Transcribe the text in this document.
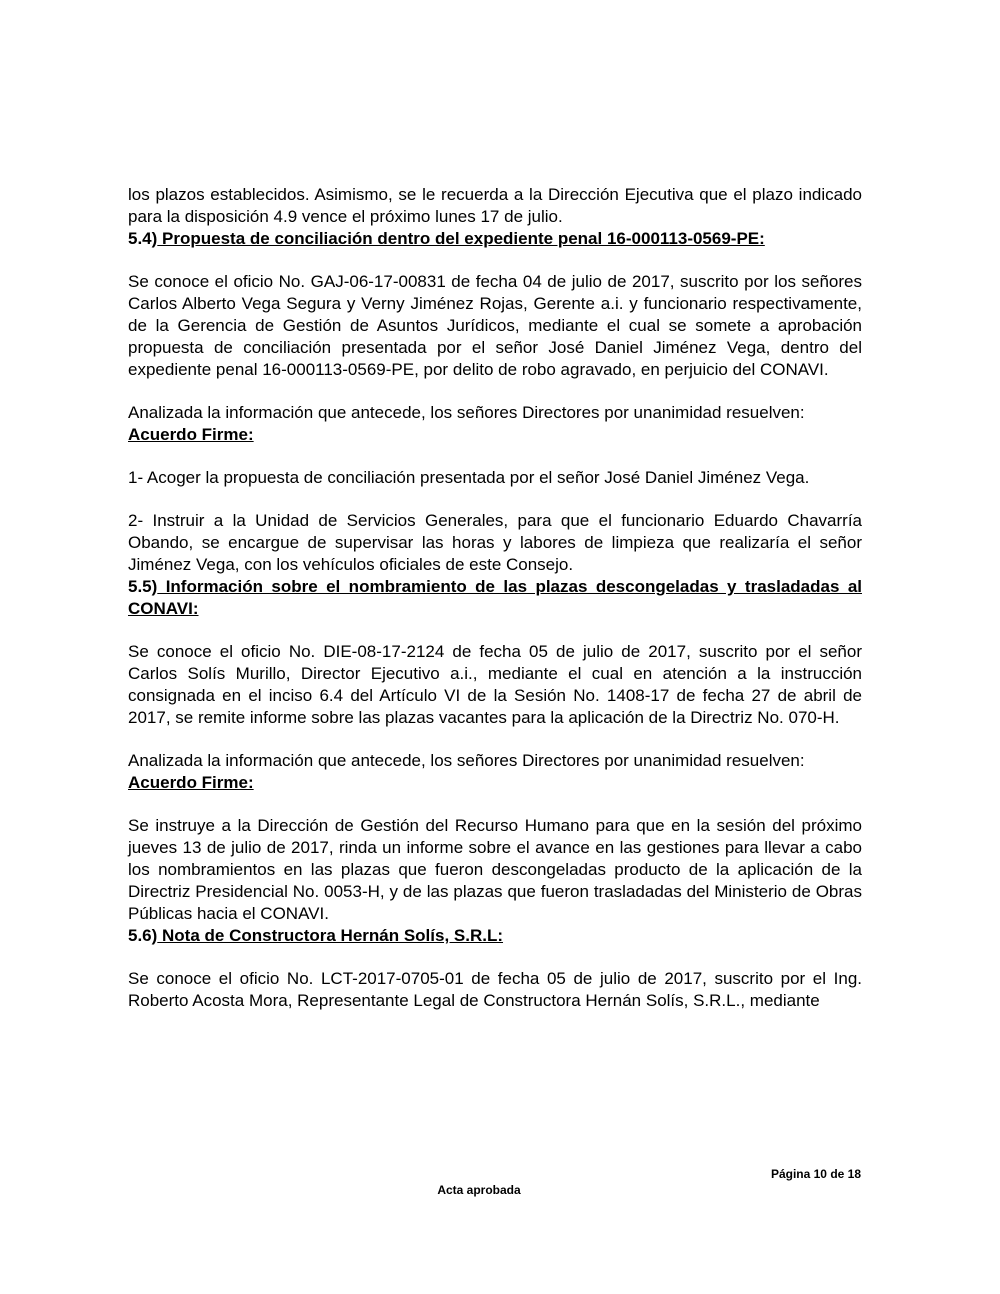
los plazos establecidos. Asimismo, se le recuerda a la Dirección Ejecutiva que el plazo indicado para la disposición 4.9 vence el próximo lunes 17 de julio.

5.4) Propuesta de conciliación dentro del expediente penal 16-000113-0569-PE:

Se conoce el oficio No. GAJ-06-17-00831 de fecha 04 de julio de 2017, suscrito por los señores Carlos Alberto Vega Segura y Verny Jiménez Rojas, Gerente a.i. y funcionario respectivamente, de la Gerencia de Gestión de Asuntos Jurídicos, mediante el cual se somete a aprobación propuesta de conciliación presentada por el señor José Daniel Jiménez Vega, dentro del expediente penal 16-000113-0569-PE, por delito de robo agravado, en perjuicio del CONAVI.

Analizada la información que antecede, los señores Directores por unanimidad resuelven:

Acuerdo Firme:

1- Acoger la propuesta de conciliación presentada por el señor José Daniel Jiménez Vega.

2- Instruir a la Unidad de Servicios Generales, para que el funcionario Eduardo Chavarría Obando, se encargue de supervisar las horas y labores de limpieza que realizaría el señor Jiménez Vega, con los vehículos oficiales de este Consejo.

5.5) Información sobre el nombramiento de las plazas descongeladas y trasladadas al CONAVI:

Se conoce el oficio No. DIE-08-17-2124 de fecha 05 de julio de 2017, suscrito por el señor Carlos Solís Murillo, Director Ejecutivo a.i., mediante el cual en atención a la instrucción consignada en el inciso 6.4 del Artículo VI de la Sesión No. 1408-17 de fecha 27 de abril de 2017, se remite informe sobre las plazas vacantes para la aplicación de la Directriz No. 070-H.

Analizada la información que antecede, los señores Directores por unanimidad resuelven:

Acuerdo Firme:

Se instruye a la Dirección de Gestión del Recurso Humano para que en la sesión del próximo jueves 13 de julio de 2017, rinda un informe sobre el avance en las gestiones para llevar a cabo los nombramientos en las plazas que fueron descongeladas producto de la aplicación de la Directriz Presidencial No. 0053-H, y de las plazas que fueron trasladadas del Ministerio de Obras Públicas hacia el CONAVI.

5.6) Nota de Constructora Hernán Solís, S.R.L:

Se conoce el oficio No. LCT-2017-0705-01 de fecha 05 de julio de 2017, suscrito por el Ing. Roberto Acosta Mora, Representante Legal de Constructora Hernán Solís, S.R.L., mediante

Página 10 de 18
Acta aprobada
